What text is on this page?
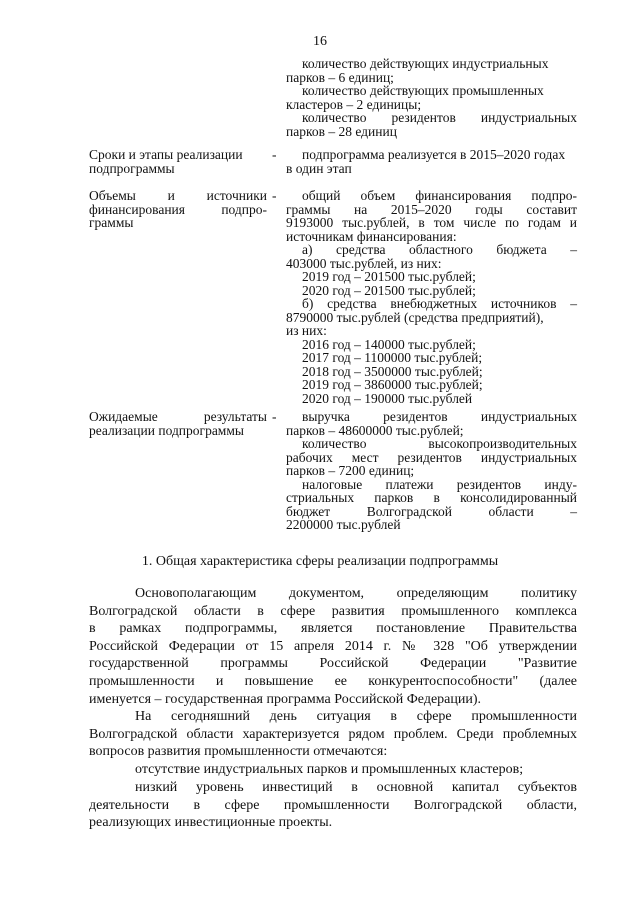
16
количество действующих индустриальных
парков – 6 единиц;
количество действующих промышленных
кластеров – 2 единицы;
количество резидентов индустриальных
парков – 28 единиц
Сроки и этапы реализации
подпрограммы
-	подпрограмма реализуется в 2015–2020 годах
в один этап
Объемы и источники
финансирования подпро-
граммы
-	общий объем финансирования подпро-
граммы на 2015–2020 годы составит
9193000 тыс.рублей, в том числе по годам и
источникам финансирования:
а) средства областного бюджета –
403000 тыс.рублей, из них:
2019 год – 201500 тыс.рублей;
2020 год – 201500 тыс.рублей;
б) средства внебюджетных источников –
8790000 тыс.рублей (средства предприятий),
из них:
2016 год – 140000 тыс.рублей;
2017 год – 1100000 тыс.рублей;
2018 год – 3500000 тыс.рублей;
2019 год – 3860000 тыс.рублей;
2020 год – 190000 тыс.рублей
Ожидаемые результаты
реализации подпрограммы
-	выручка резидентов индустриальных
парков – 48600000 тыс.рублей;
количество высокопроизводительных
рабочих мест резидентов индустриальных
парков – 7200 единиц;
налоговые платежи резидентов инду-
стриальных парков в консолидированный
бюджет Волгоградской области –
2200000 тыс.рублей
1. Общая характеристика сферы реализации подпрограммы
Основополагающим документом, определяющим политику
Волгоградской области в сфере развития промышленного комплекса
в рамках подпрограммы, является постановление Правительства
Российской Федерации от 15 апреля 2014 г. № 328 "Об утверждении
государственной программы Российской Федерации "Развитие
промышленности и повышение ее конкурентоспособности" (далее
именуется – государственная программа Российской Федерации).
На сегодняшний день ситуация в сфере промышленности
Волгоградской области характеризуется рядом проблем. Среди проблемных
вопросов развития промышленности отмечаются:
отсутствие индустриальных парков и промышленных кластеров;
низкий уровень инвестиций в основной капитал субъектов
деятельности в сфере промышленности Волгоградской области,
реализующих инвестиционные проекты.
